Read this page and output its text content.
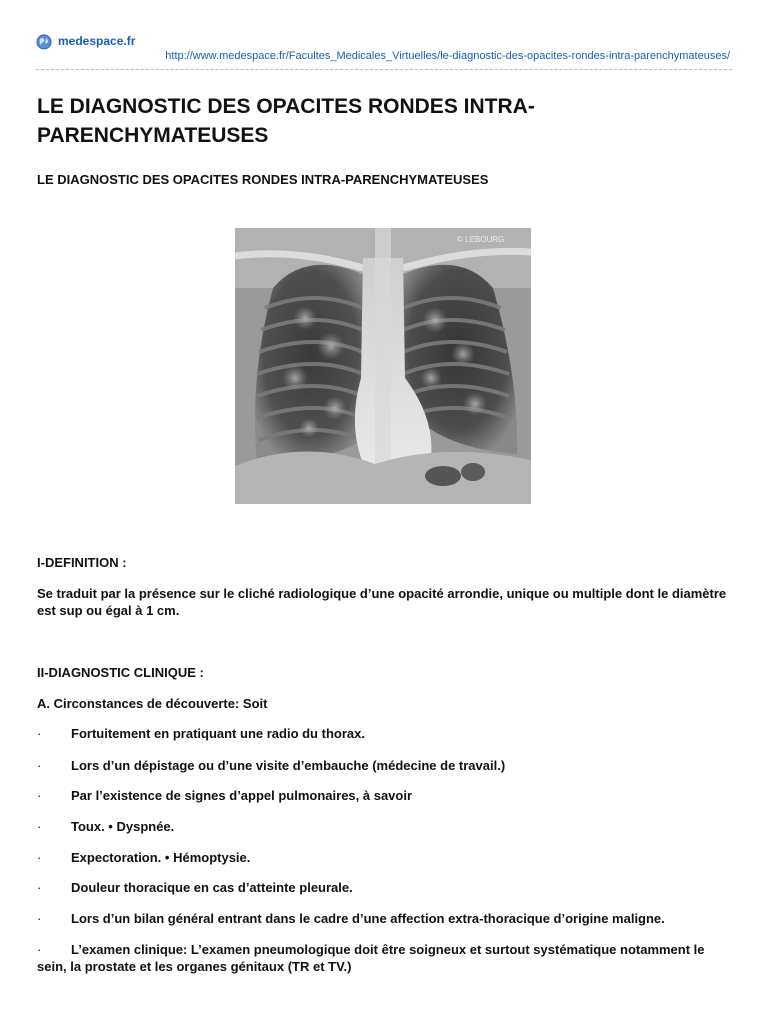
medespace.fr
http://www.medespace.fr/Facultes_Medicales_Virtuelles/le-diagnostic-des-opacites-rondes-intra-parenchymateuses/
LE DIAGNOSTIC DES OPACITES RONDES INTRA-PARENCHYMATEUSES
LE DIAGNOSTIC DES OPACITES RONDES INTRA-PARENCHYMATEUSES
© LEBOURG

I-DEFINITION :

Se traduit par la présence sur le cliché radiologique d’une opacité arrondie, unique ou multiple dont le diamètre est sup ou égal à 1 cm.

II-DIAGNOSTIC CLINIQUE :

A. Circonstances de découverte: Soit

· Fortuitement en pratiquant une radio du thorax.

· Lors d’un dépistage ou d’une visite d’embauche (médecine de travail.)

· Par l’existence de signes d’appel pulmonaires, à savoir

· Toux. • Dyspnée.

· Expectoration. • Hémoptysie.

· Douleur thoracique en cas d’atteinte pleurale.

· Lors d’un bilan général entrant dans le cadre d’une affection extra-thoracique d’origine maligne.

· L’examen clinique: L’examen pneumologique doit être soigneux et surtout systématique notamment le sein, la prostate et les organes génitaux (TR et TV.)
